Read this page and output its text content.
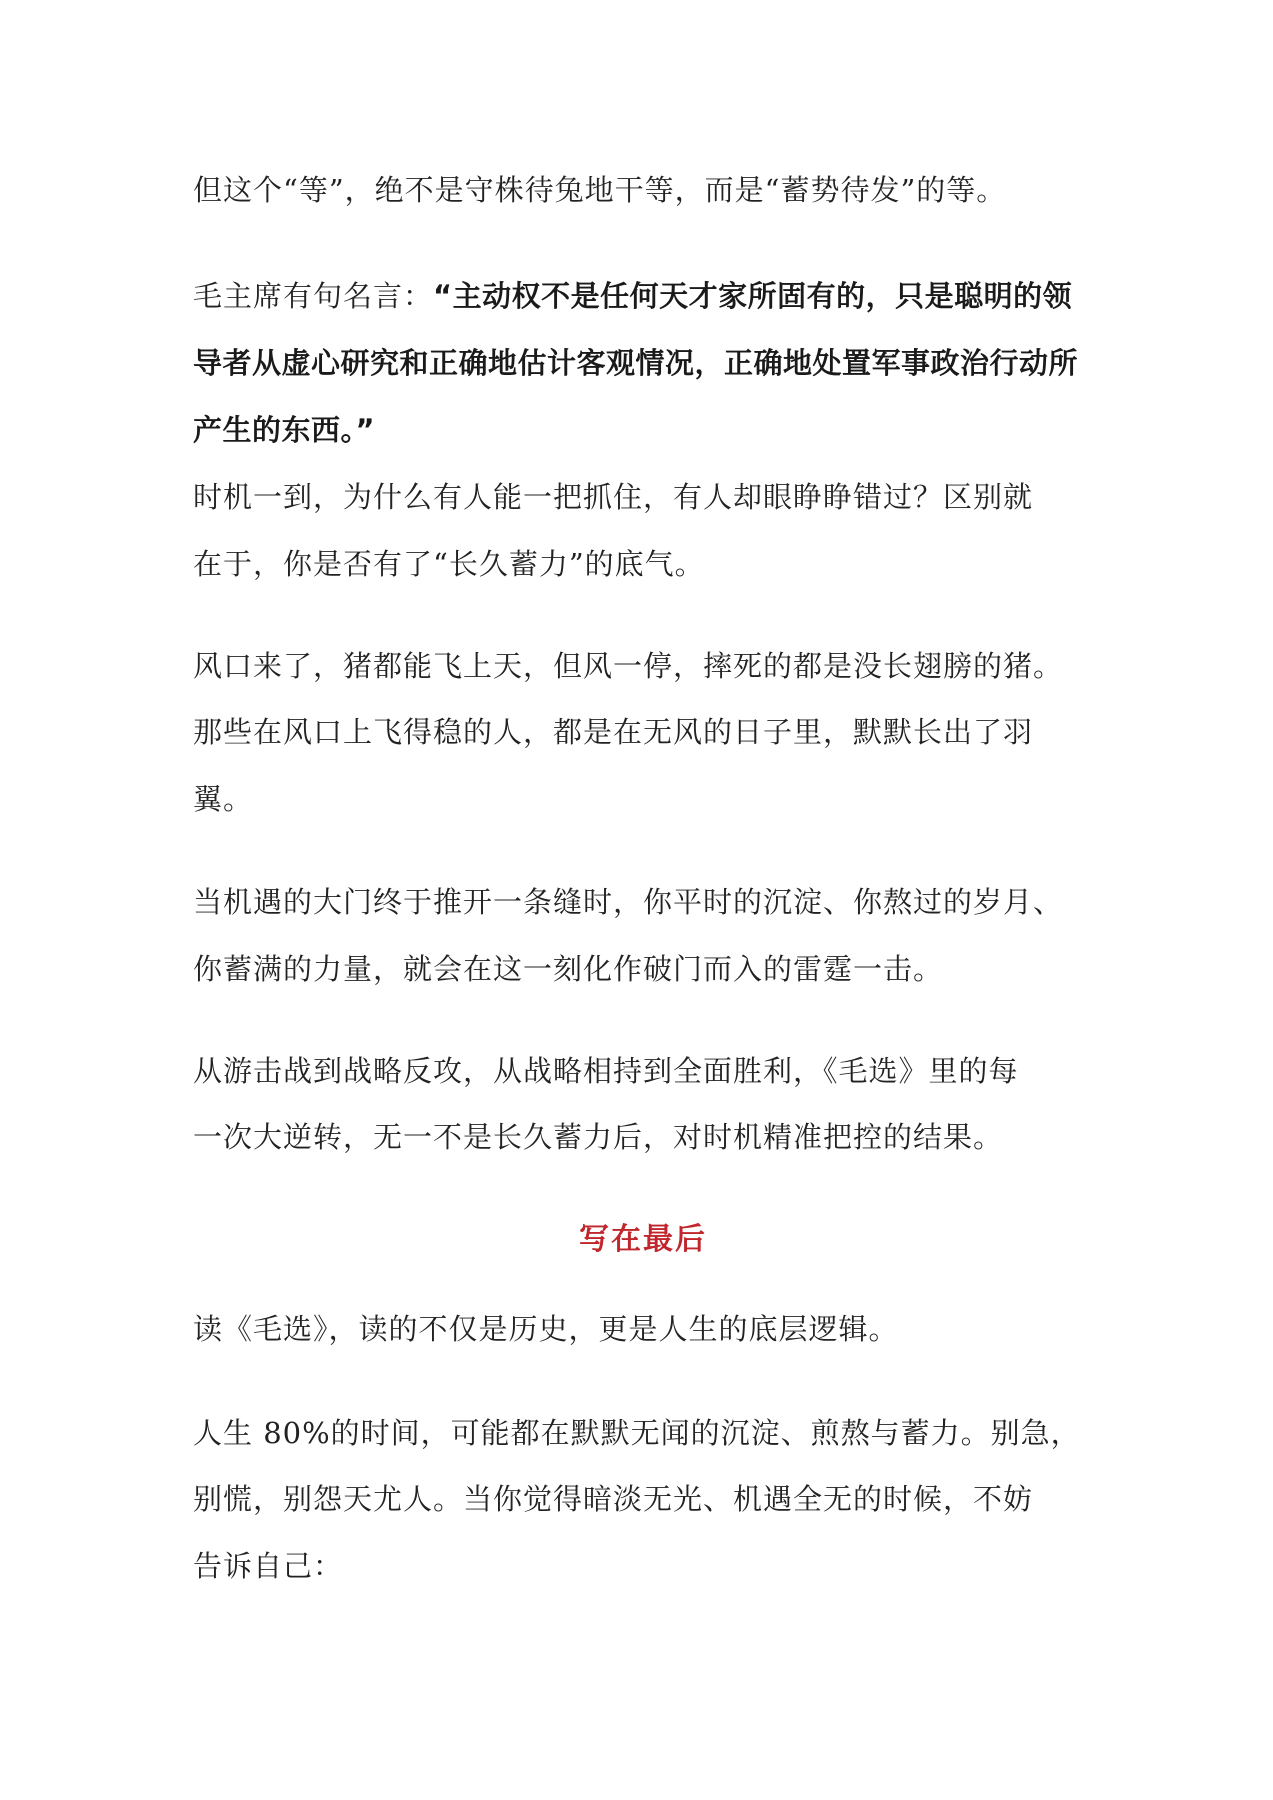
但这个“等”，绝不是守株待兔地干等，而是“蓄势待发”的等。
毛主席有句名言：“主动权不是任何天才家所固有的，只是聪明的领
导者从虚心研究和正确地估计客观情况，正确地处置军事政治行动所
产生的东西。”
时机一到，为什么有人能一把抓住，有人却眼睁睁错过？区别就
在于，你是否有了“长久蓄力”的底气。
风口来了，猪都能飞上天，但风一停，摔死的都是没长翅膀的猪。
那些在风口上飞得稳的人，都是在无风的日子里，默默长出了羽
翼。
当机遇的大门终于推开一条缝时，你平时的沉淀、你熬过的岁月、
你蓄满的力量，就会在这一刻化作破门而入的雷霆一击。
从游击战到战略反攻，从战略相持到全面胜利，《毛选》里的每
一次大逆转，无一不是长久蓄力后，对时机精准把控的结果。
写在最后
读《毛选》，读的不仅是历史，更是人生的底层逻辑。
人生 80%的时间，可能都在默默无闻的沉淀、煎熬与蓄力。别急，
别慌，别怨天尤人。当你觉得暗淡无光、机遇全无的时候，不妨
告诉自己：
